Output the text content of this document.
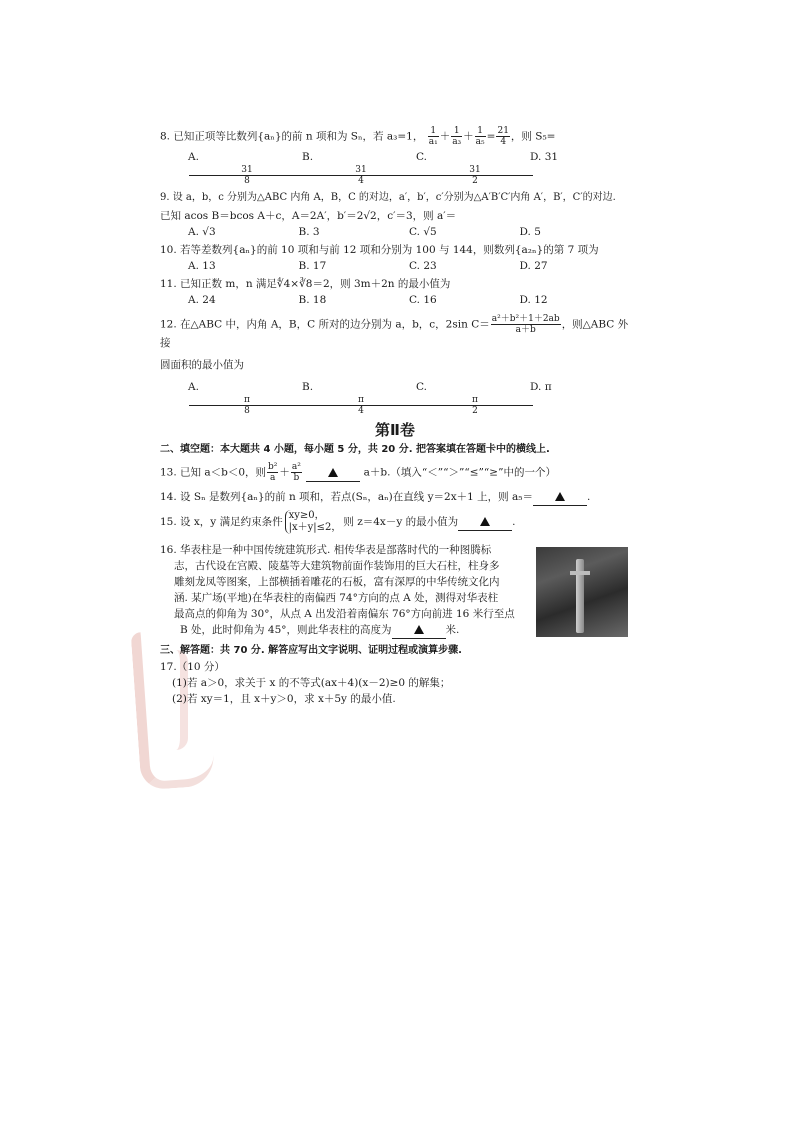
8. 已知正项等比数列{aₙ}的前 n 项和为 Sₙ，若 a₃=1， $\frac{1}{\text{a₁}} + \frac{1}{\text{a₃}} + \frac{1}{\text{a₅}} = \frac{21}{4}$ ，则 S₅=

A.
$\frac{31}{8}$
B.
$\frac{31}{4}$
C.
$\frac{31}{2}$
D. 31

9. 设 a，b，c 分别为△ABC 内角 A，B，C 的对边，a′，b′，c′分别为△A′B′C′内角 A′，B′，C′的对边.

已知 acos B＝bcos A＋c，A＝2A′，b′＝2√2，c′＝3，则 a′＝

A. √3	B. 3	C. √5	D. 5

10. 若等差数列{aₙ}的前 10 项和与前 12 项和分别为 100 与 144，则数列{a₂ₙ}的第 7 项为

A. 13	B. 17	C. 23	D. 27

11. 已知正数 m，n 满足∜4×∛8＝2，则 3m＋2n 的最小值为

A. 24	B. 18	C. 16	D. 12

12. 在△ABC 中，内角 A，B，C 所对的边分别为 a，b，c，2sin $C= \frac{\text{a²＋b²＋1＋2ab}}{a+b}$ ，则△ABC 外接

圆面积的最小值为

A.
$\frac{\pi}{8}$
B.
$\frac{\pi}{4}$
C.
$\frac{\pi}{2}$
D. π
第Ⅱ卷

二、填空题：本大题共 4 小题，每小题 5 分，共 20 分. 把答案填在答题卡中的横线上.

13. 已知 a＜b＜0，则 $\frac{\text{b²}}{a} + \frac{\text{a²}}{b}$	a＋b.（填入“＜”“＞”“≤”“≥”中的一个）

14. 设 Sₙ 是数列{aₙ}的前 n 项和，若点(Sₙ，aₙ)在直线 y＝2x＋1 上，则 a₅＝	.

15. 设 x，y 满足约束条件xy≥0，
|x＋y|≤2， 则 z＝4x－y 的最小值为	.

16. 华表柱是一种中国传统建筑形式. 相传华表是部落时代的一种图腾标

志，古代设在宫殿、陵墓等大建筑物前面作装饰用的巨大石柱，柱身多

雕刻龙凤等图案，上部横插着雕花的石板，富有深厚的中华传统文化内

涵. 某广场(平地)在华表柱的南偏西 74°方向的点 A 处，测得对华表柱

最高点的仰角为 30°，从点 A 出发沿着南偏东 76°方向前进 16 米行至点

B 处，此时仰角为 45°，则此华表柱的高度为	米.

三、解答题：共 70 分. 解答应写出文字说明、证明过程或演算步骤.

17.（10 分）

(1)若 a＞0，求关于 x 的不等式(ax＋4)(x－2)≥0 的解集；

(2)若 xy＝1，且 x＋y＞0，求 x＋5y 的最小值.
